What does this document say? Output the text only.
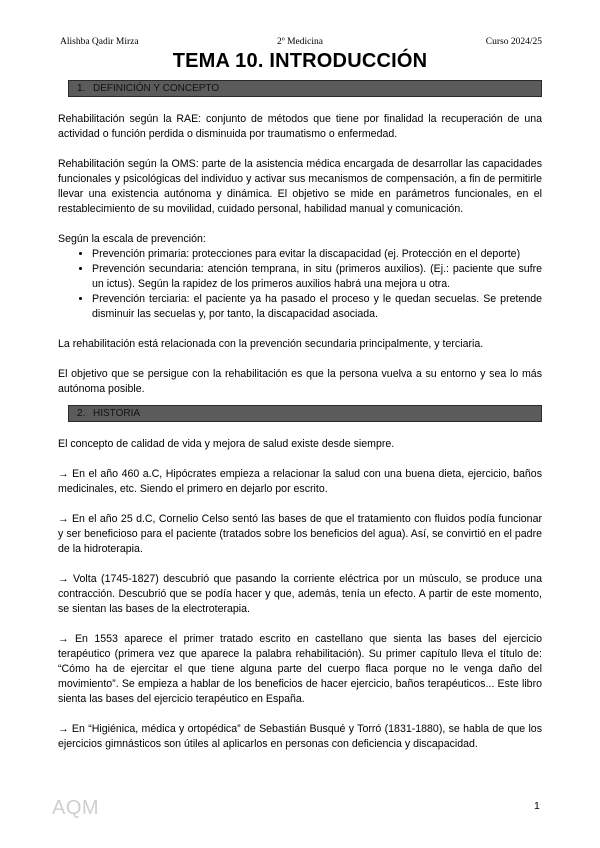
Alishba Qadir Mirza	2º Medicina	Curso 2024/25
TEMA 10. INTRODUCCIÓN
1. DEFINICIÓN Y CONCEPTO

Rehabilitación según la RAE: conjunto de métodos que tiene por finalidad la recuperación de una actividad o función perdida o disminuida por traumatismo o enfermedad.

Rehabilitación según la OMS: parte de la asistencia médica encargada de desarrollar las capacidades funcionales y psicológicas del individuo y activar sus mecanismos de compensación, a fin de permitirle llevar una existencia autónoma y dinámica. El objetivo se mide en parámetros funcionales, en el restablecimiento de su movilidad, cuidado personal, habilidad manual y comunicación.

Según la escala de prevención:

• Prevención primaria: protecciones para evitar la discapacidad (ej. Protección en el deporte)
• Prevención secundaria: atención temprana, in situ (primeros auxilios). (Ej.: paciente que sufre un ictus). Según la rapidez de los primeros auxilios habrá una mejora u otra.
• Prevención terciaria: el paciente ya ha pasado el proceso y le quedan secuelas. Se pretende disminuir las secuelas y, por tanto, la discapacidad asociada.

La rehabilitación está relacionada con la prevención secundaria principalmente, y terciaria.

El objetivo que se persigue con la rehabilitación es que la persona vuelva a su entorno y sea lo más autónoma posible.

2. HISTORIA

El concepto de calidad de vida y mejora de salud existe desde siempre.

→ En el año 460 a.C, Hipócrates empieza a relacionar la salud con una buena dieta, ejercicio, baños medicinales, etc. Siendo el primero en dejarlo por escrito.

→ En el año 25 d.C, Cornelio Celso sentó las bases de que el tratamiento con fluidos podía funcionar y ser beneficioso para el paciente (tratados sobre los beneficios del agua). Así, se convirtió en el padre de la hidroterapia.

→ Volta (1745-1827) descubrió que pasando la corriente eléctrica por un músculo, se produce una contracción. Descubrió que se podía hacer y que, además, tenía un efecto. A partir de este momento, se sientan las bases de la electroterapia.

→ En 1553 aparece el primer tratado escrito en castellano que sienta las bases del ejercicio terapéutico (primera vez que aparece la palabra rehabilitación). Su primer capítulo lleva el título de: “Cómo ha de ejercitar el que tiene alguna parte del cuerpo flaca porque no le venga daño del movimiento”. Se empieza a hablar de los beneficios de hacer ejercicio, baños terapéuticos... Este libro sienta las bases del ejercicio terapéutico en España.

→ En “Higiénica, médica y ortopédica” de Sebastián Busqué y Torró (1831-1880), se habla de que los ejercicios gimnásticos son útiles al aplicarlos en personas con deficiencia y discapacidad.

AQM	1
